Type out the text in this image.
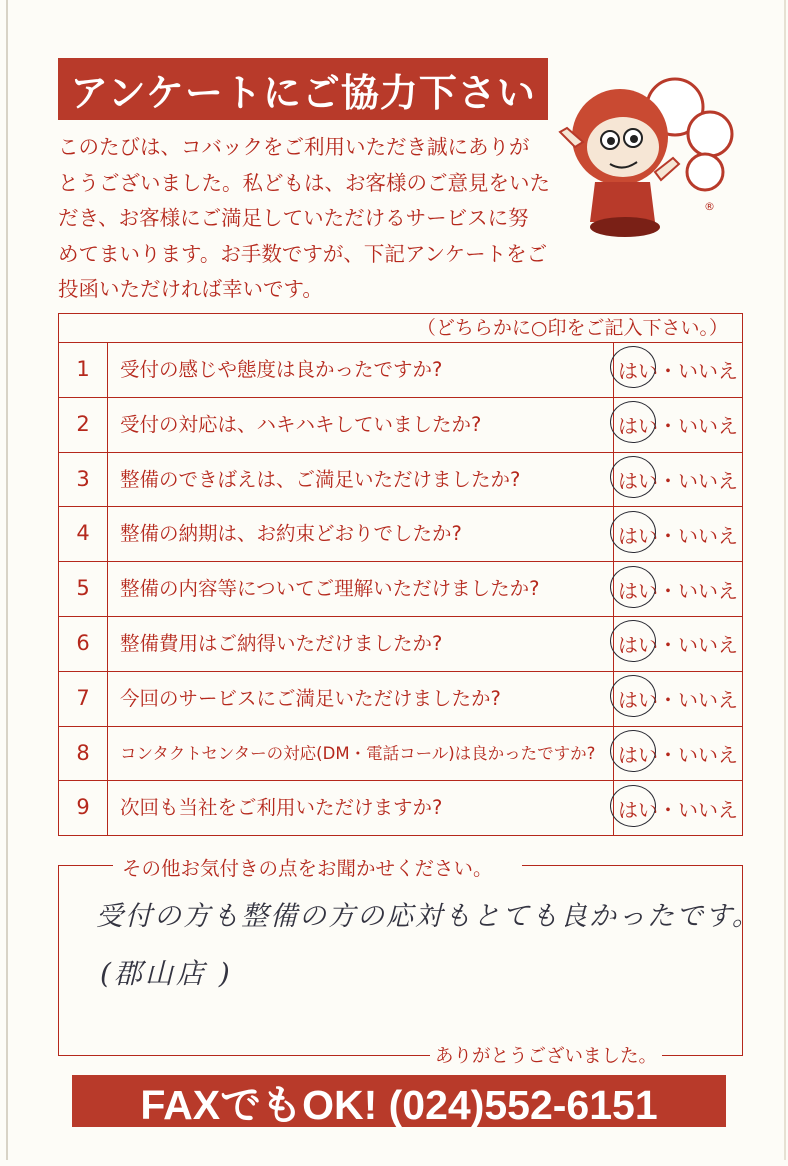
アンケートにご協力下さい
このたびは、コバックをご利用いただき誠にありが
とうございました。私どもは、お客様のご意見をいた
だき、お客様にご満足していただけるサービスに努
めてまいります。お手数ですが、下記アンケートをご
投函いただければ幸いです。
®
（どちらかに○印をご記入下さい。）
1	受付の感じや態度は良かったですか?	はい ・ いいえ
2	受付の対応は、ハキハキしていましたか?	はい ・ いいえ
3	整備のできばえは、ご満足いただけましたか?	はい ・ いいえ
4	整備の納期は、お約束どおりでしたか?	はい ・ いいえ
5	整備の内容等についてご理解いただけましたか?	はい ・ いいえ
6	整備費用はご納得いただけましたか?	はい ・ いいえ
7	今回のサービスにご満足いただけましたか?	はい ・ いいえ
8	コンタクトセンターの対応(DM・電話コール)は良かったですか?	はい ・ いいえ
9	次回も当社をご利用いただけますか?	はい ・ いいえ
その他お気付きの点をお聞かせください。
受付の方も整備の方の応対もとても良かったです。
(郡山店 )
ありがとうございました。
FAXでもOK! (024)552-6151
